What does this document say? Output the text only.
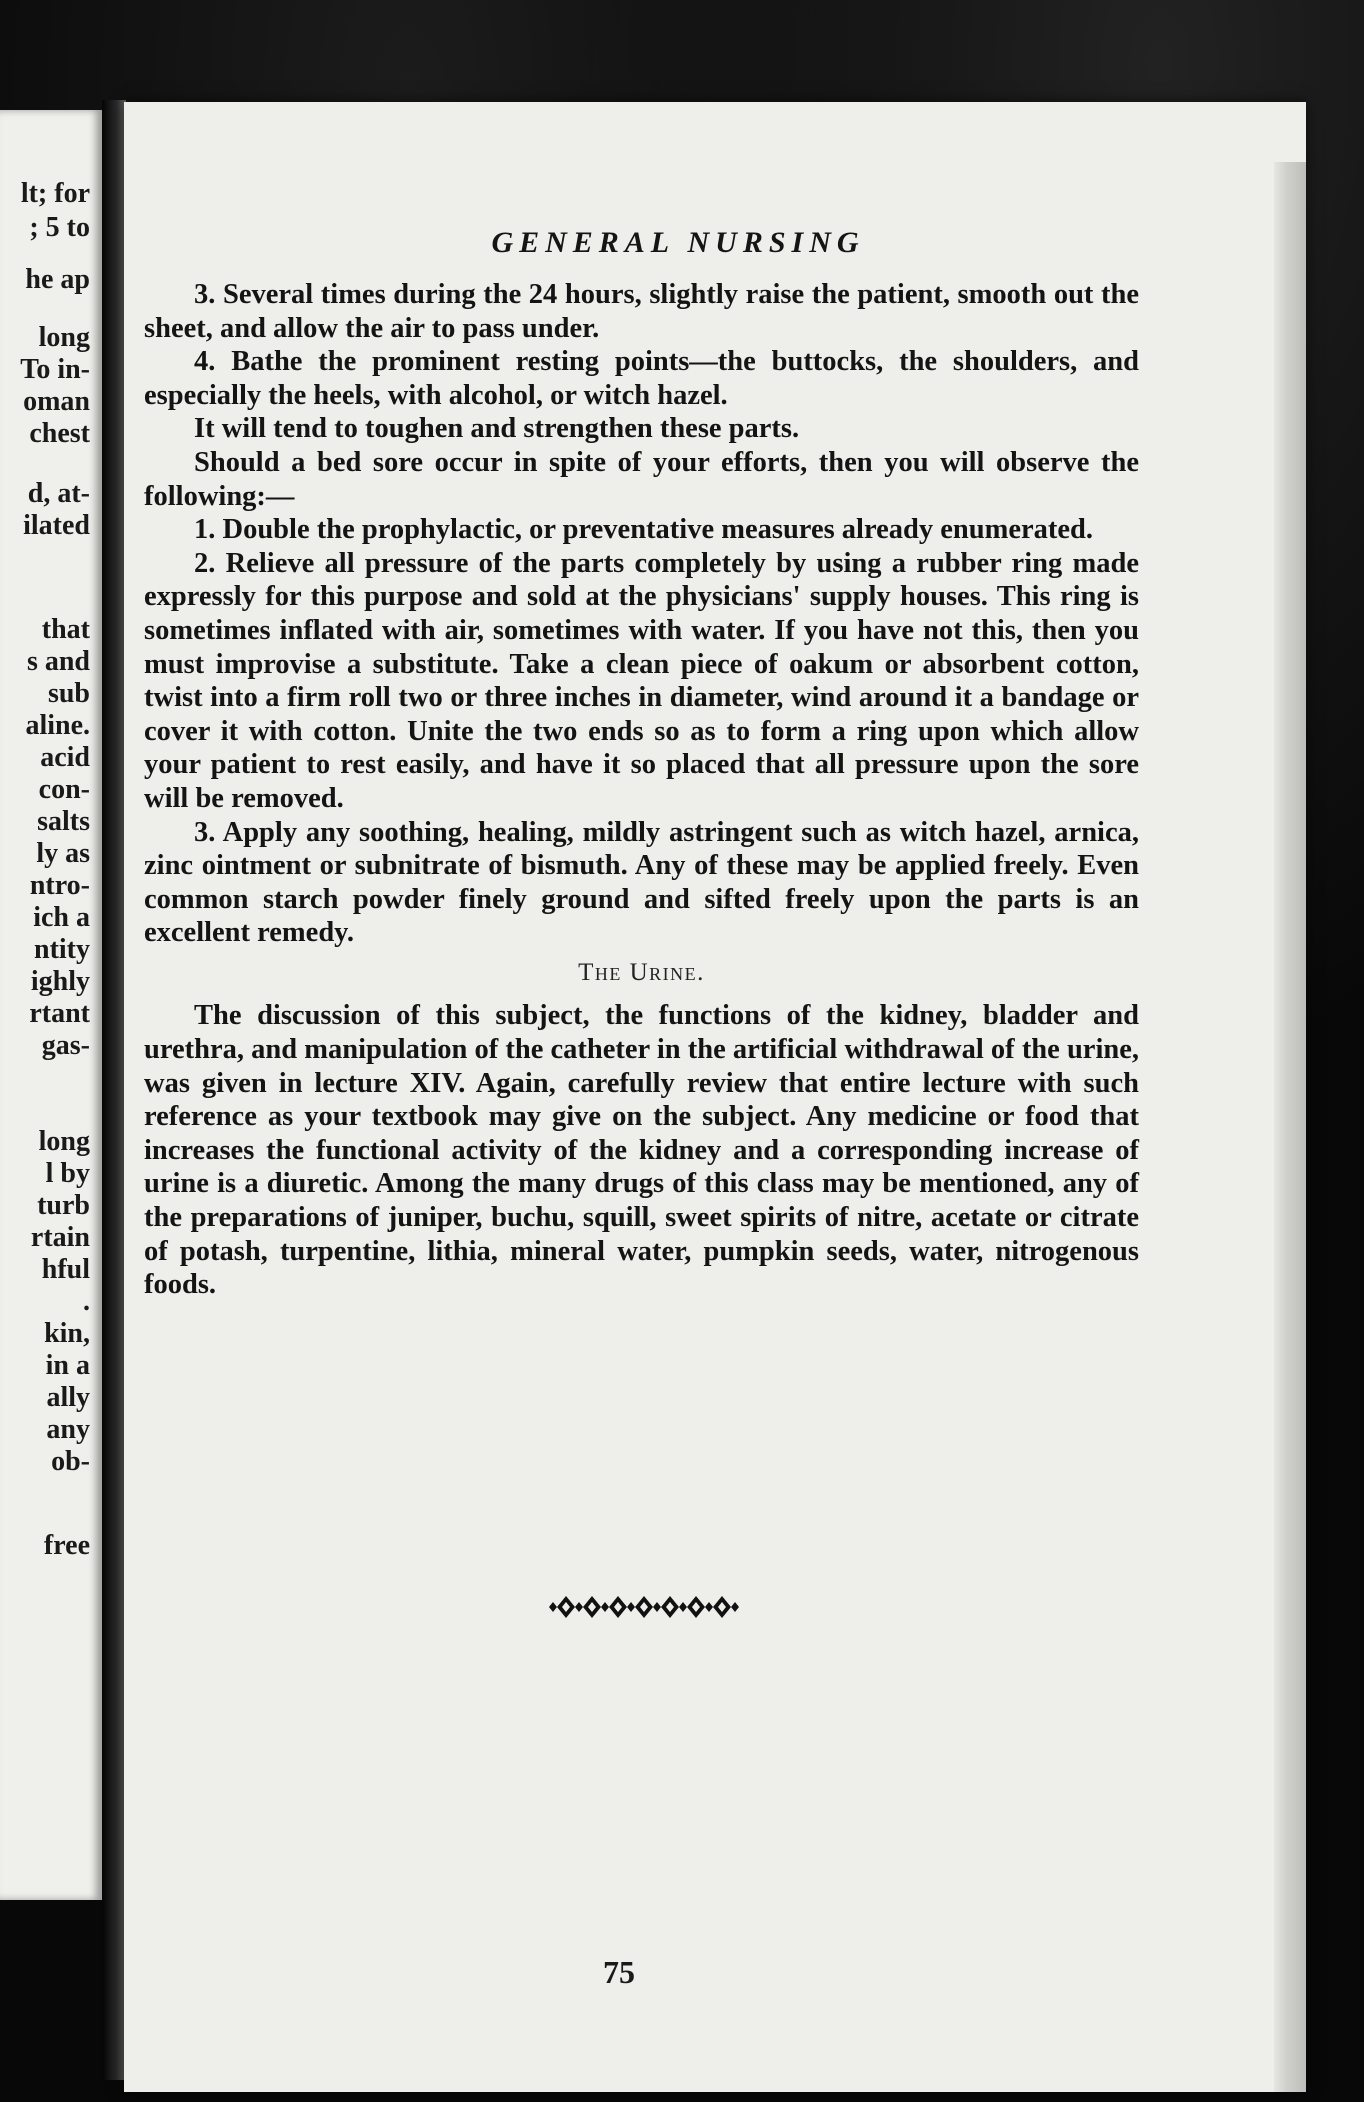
lt; for
; 5 to
he ap
long
To in-
oman
chest
d, at-
ilated
that
s and
sub
aline.
acid
con-
salts
ly as
ntro-
ich a
ntity
ighly
rtant
gas-
long
l by
turb
rtain
hful
.
kin,
in a
ally
any
ob-
free
GENERAL NURSING

3. Several times during the 24 hours, slightly raise the patient, smooth out the sheet, and allow the air to pass under.

4. Bathe the prominent resting points—the buttocks, the shoulders, and especially the heels, with alcohol, or witch hazel.

It will tend to toughen and strengthen these parts.

Should a bed sore occur in spite of your efforts, then you will observe the following:—

1. Double the prophylactic, or preventative measures already enumerated.

2. Relieve all pressure of the parts completely by using a rubber ring made expressly for this purpose and sold at the physicians' supply houses. This ring is sometimes inflated with air, sometimes with water. If you have not this, then you must improvise a substitute. Take a clean piece of oakum or absorbent cotton, twist into a firm roll two or three inches in diameter, wind around it a bandage or cover it with cotton. Unite the two ends so as to form a ring upon which allow your patient to rest easily, and have it so placed that all pressure upon the sore will be removed.

3. Apply any soothing, healing, mildly astringent such as witch hazel, arnica, zinc ointment or subnitrate of bismuth. Any of these may be applied freely. Even common starch powder finely ground and sifted freely upon the parts is an excellent remedy.

The Urine.

The discussion of this subject, the functions of the kidney, bladder and urethra, and manipulation of the catheter in the artificial withdrawal of the urine, was given in lecture XIV. Again, carefully review that entire lecture with such reference as your textbook may give on the subject. Any medicine or food that increases the functional activity of the kidney and a corresponding increase of urine is a diuretic. Among the many drugs of this class may be mentioned, any of the preparations of juniper, buchu, squill, sweet spirits of nitre, acetate or citrate of potash, turpentine, lithia, mineral water, pumpkin seeds, water, nitrogenous foods.

75
